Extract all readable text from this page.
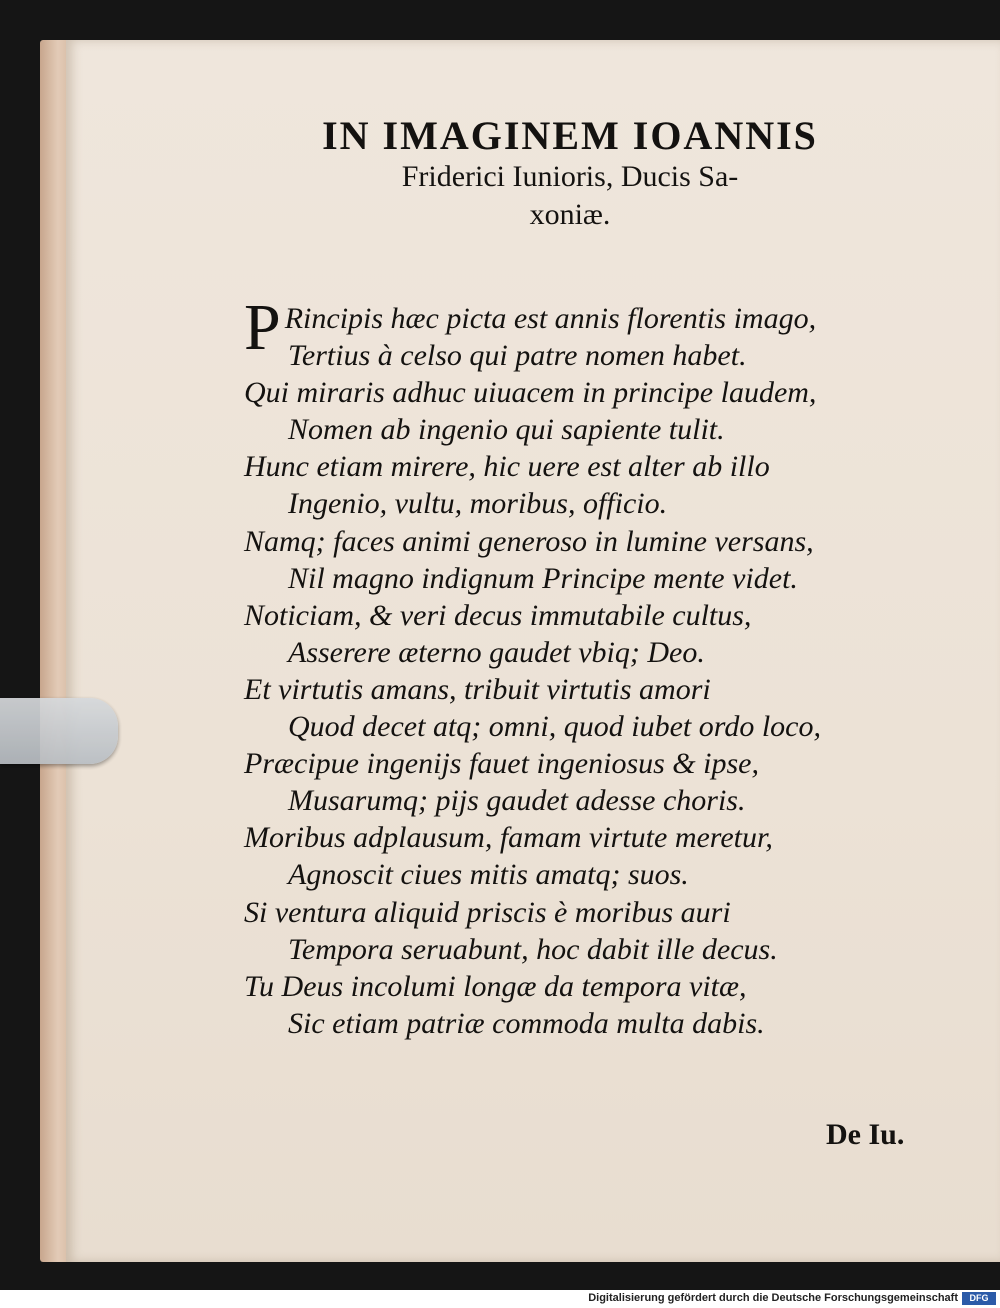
IN IMAGINEM IOANNIS
Friderici Iunioris, Ducis Sa-
xoniæ.
P Rincipis hæc picta est annis florentis imago,
Tertius à celso qui patre nomen habet.
Qui miraris adhuc uiuacem in principe laudem,
Nomen ab ingenio qui sapiente tulit.
Hunc etiam mirere, hic uere est alter ab illo
Ingenio, vultu, moribus, officio.
Namq; faces animi generoso in lumine versans,
Nil magno indignum Principe mente videt.
Noticiam, & veri decus immutabile cultus,
Asserere æterno gaudet vbiq; Deo.
Et virtutis amans, tribuit virtutis amori
Quod decet atq; omni, quod iubet ordo loco,
Præcipue ingenijs fauet ingeniosus & ipse,
Musarumq; pijs gaudet adesse choris.
Moribus adplausum, famam virtute meretur,
Agnoscit ciues mitis amatq; suos.
Si ventura aliquid priscis è moribus auri
Tempora seruabunt, hoc dabit ille decus.
Tu Deus incolumi longæ da tempora vitæ,
Sic etiam patriæ commoda multa dabis.
De Iu.
Digitalisierung gefördert durch die Deutsche Forschungsgemeinschaft	DFG
